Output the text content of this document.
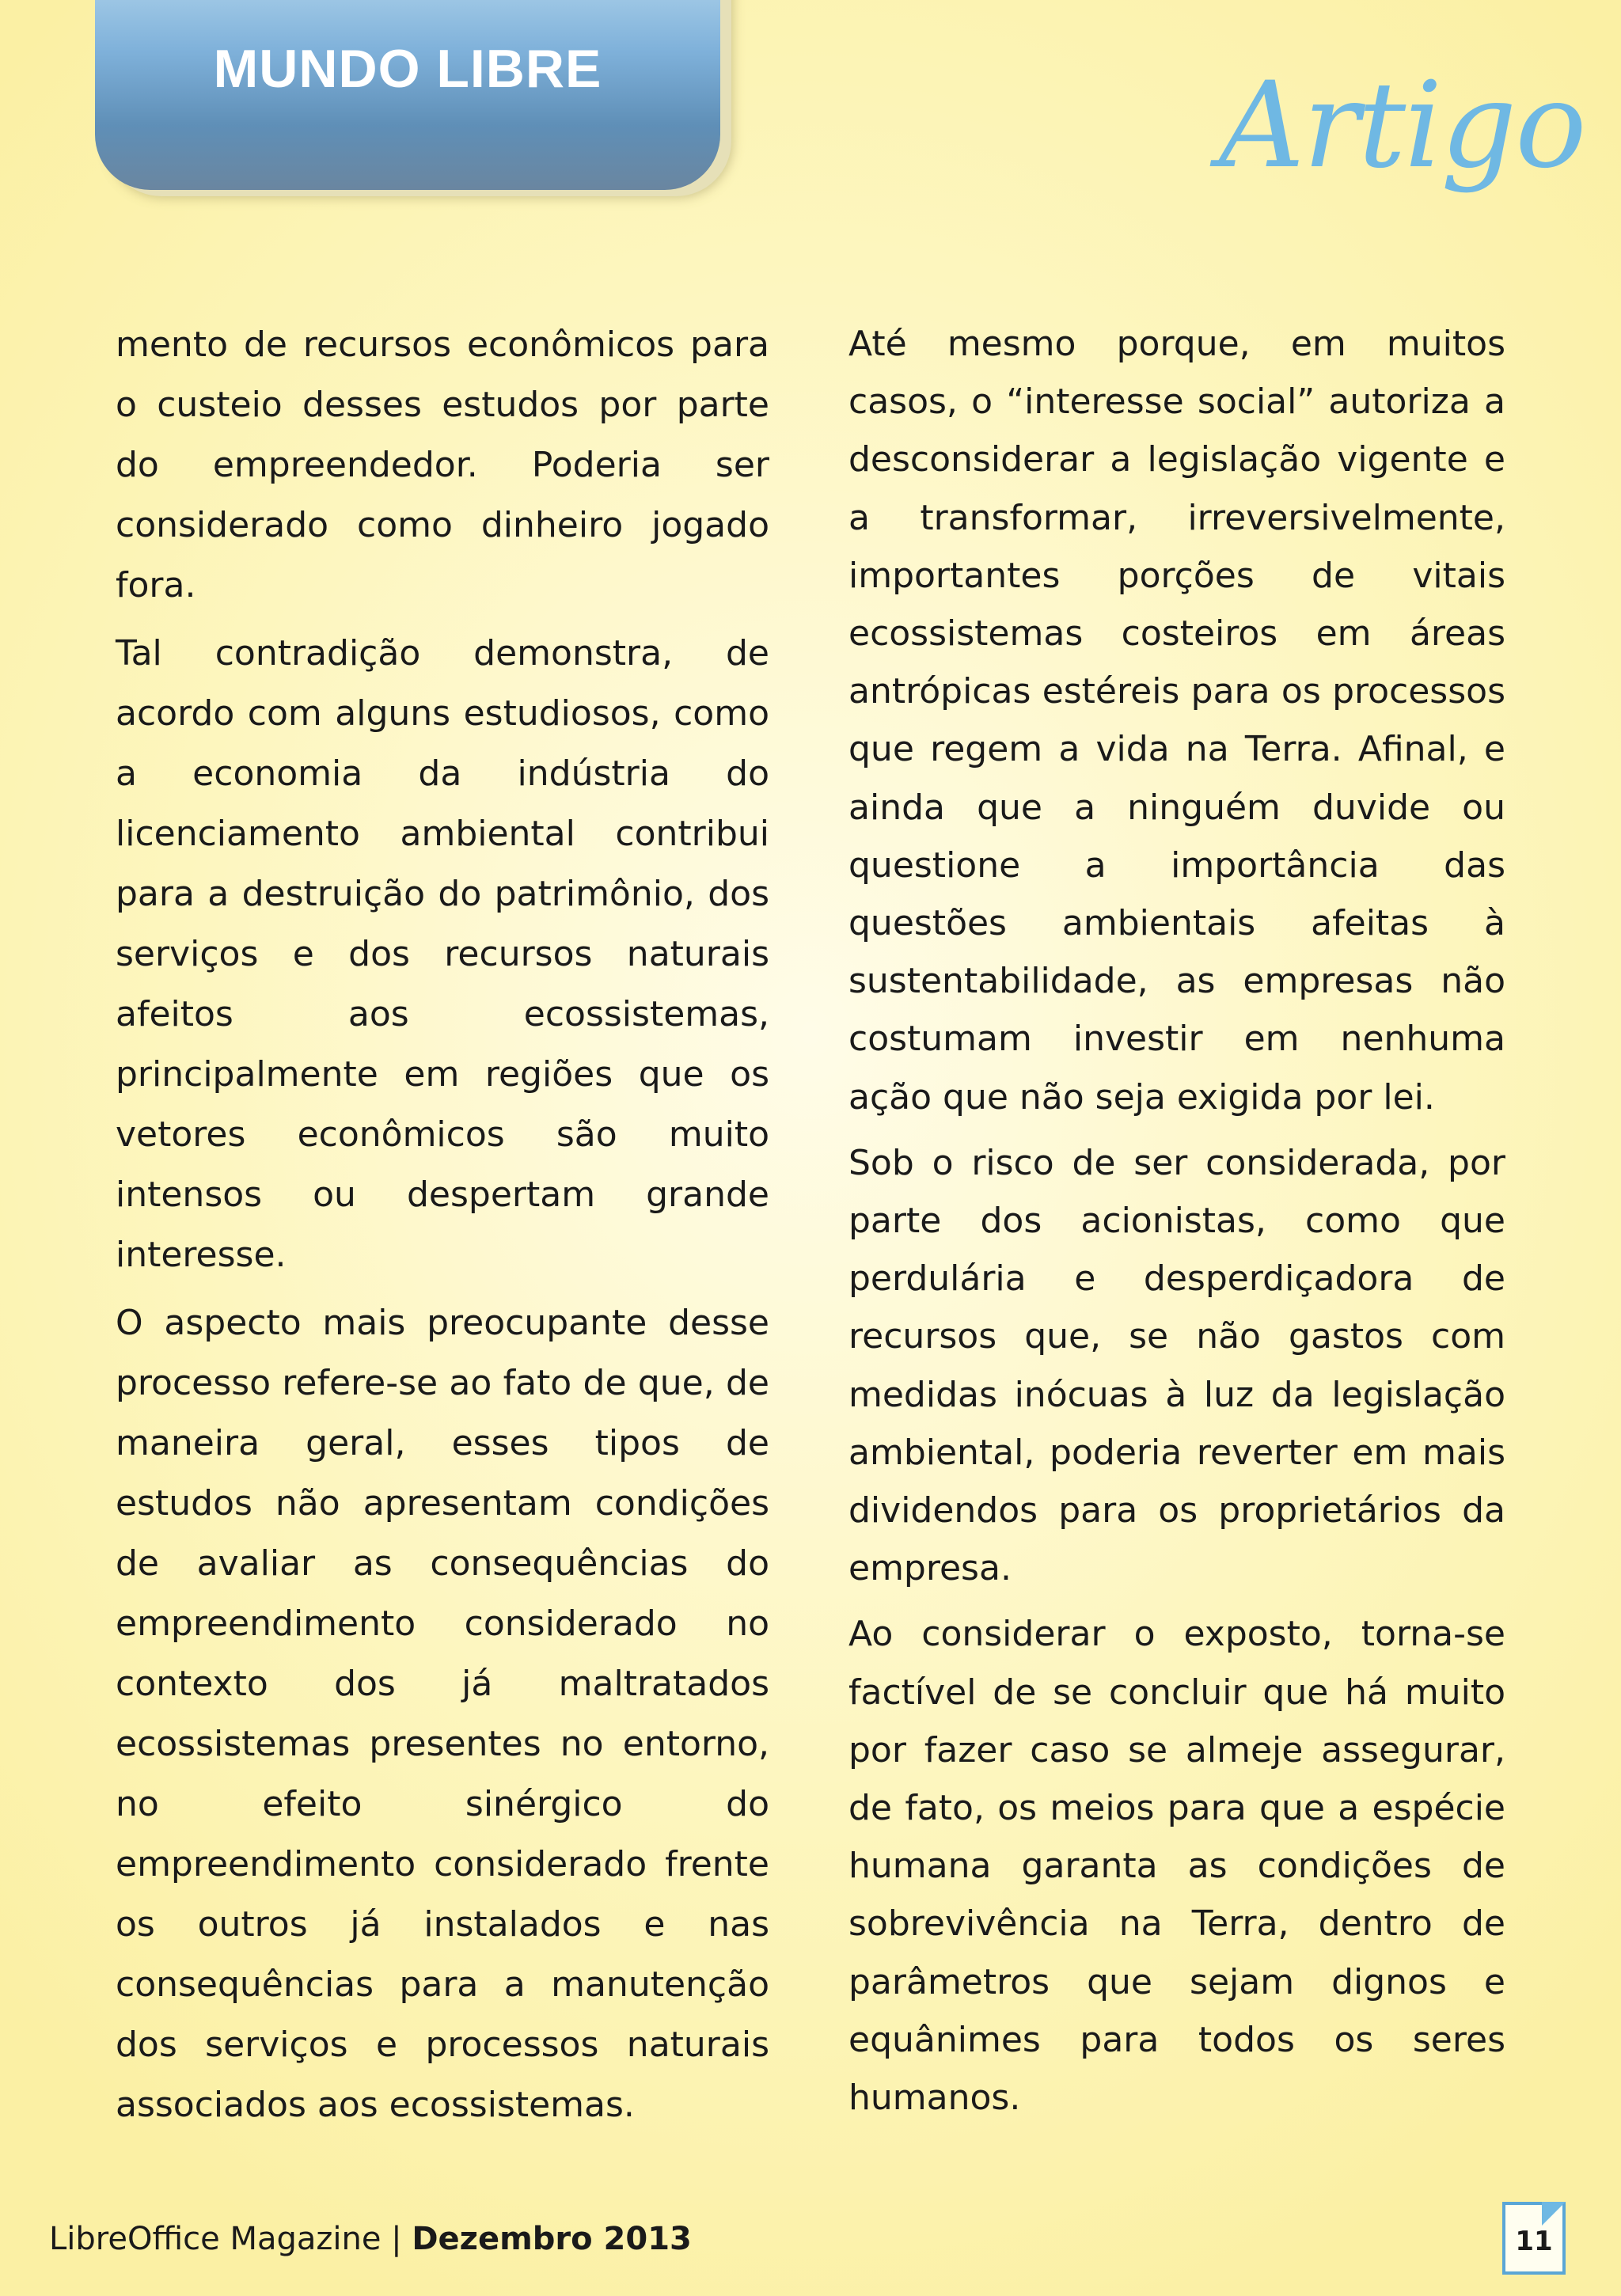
MUNDO LIBRE	Artigo

mento de recursos econômicos para o custeio desses estudos por parte do empreendedor. Poderia ser considerado como dinheiro jogado fora.

Tal contradição demonstra, de acordo com alguns estudiosos, como a economia da indústria do licenciamento ambiental contribui para a destruição do patrimônio, dos serviços e dos recursos naturais afeitos aos ecossistemas, principalmente em regiões que os vetores econômicos são muito intensos ou despertam grande interesse.

O aspecto mais preocupante desse processo refere-se ao fato de que, de maneira geral, esses tipos de estudos não apresentam condições de avaliar as consequências do empreendimento considerado no contexto dos já maltratados ecossistemas presentes no entorno, no efeito sinérgico do empreendimento considerado frente os outros já instalados e nas consequências para a manutenção dos serviços e processos naturais associados aos ecossistemas.

Até mesmo porque, em muitos casos, o “interesse social” autoriza a desconsiderar a legislação vigente e a transformar, irreversivelmente, importantes porções de vitais ecossistemas costeiros em áreas antrópicas estéreis para os processos que regem a vida na Terra. Afinal, e ainda que a ninguém duvide ou questione a importância das questões ambientais afeitas à sustentabilidade, as empresas não costumam investir em nenhuma ação que não seja exigida por lei.

Sob o risco de ser considerada, por parte dos acionistas, como que perdulária e desperdiçadora de recursos que, se não gastos com medidas inócuas à luz da legislação ambiental, poderia reverter em mais dividendos para os proprietários da empresa.

Ao considerar o exposto, torna-se factível de se concluir que há muito por fazer caso se almeje assegurar, de fato, os meios para que a espécie humana garanta as condições de sobrevivência na Terra, dentro de parâmetros que sejam dignos e equânimes para todos os seres humanos.

LibreOffice Magazine | Dezembro 2013	11
